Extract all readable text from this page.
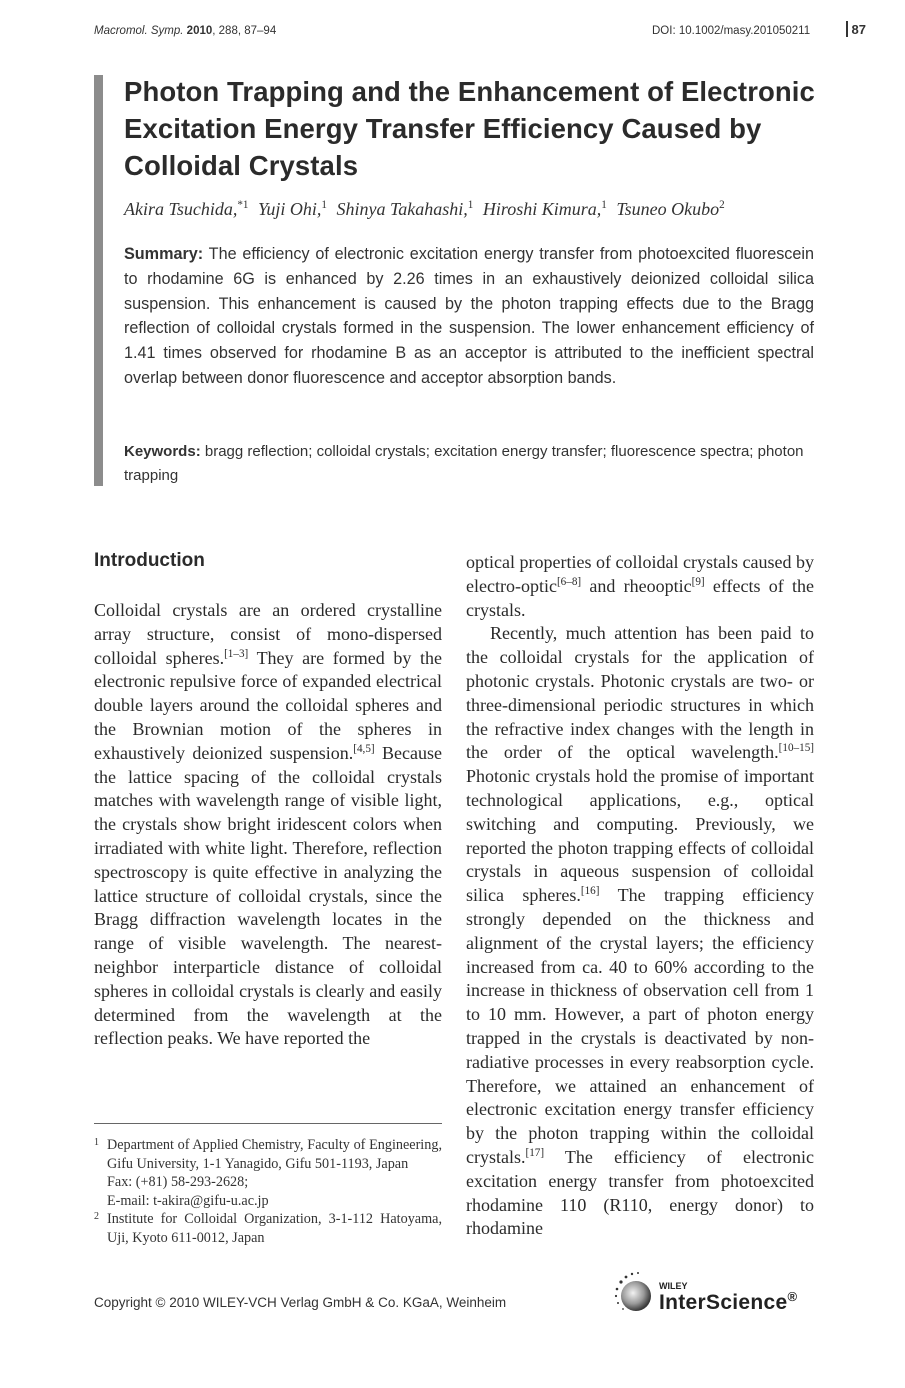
Macromol. Symp. 2010, 288, 87–94	DOI: 10.1002/masy.201050211	87
Photon Trapping and the Enhancement of Electronic Excitation Energy Transfer Efficiency Caused by Colloidal Crystals
Akira Tsuchida,$^{*1}$ Yuji Ohi,$^1$ Shinya Takahashi,$^1$ Hiroshi Kimura,$^1$ Tsuneo Okubo$^2$
Summary: The efficiency of electronic excitation energy transfer from photoexcited fluorescein to rhodamine 6G is enhanced by 2.26 times in an exhaustively deionized colloidal silica suspension. This enhancement is caused by the photon trapping effects due to the Bragg reflection of colloidal crystals formed in the suspension. The lower enhancement efficiency of 1.41 times observed for rhodamine B as an acceptor is attributed to the inefficient spectral overlap between donor fluorescence and acceptor absorption bands.
Keywords: bragg reflection; colloidal crystals; excitation energy transfer; fluorescence spectra; photon trapping
Introduction

Colloidal crystals are an ordered crystalline array structure, consist of mono-dispersed colloidal spheres.[1–3] They are formed by the electronic repulsive force of expanded electrical double layers around the colloidal spheres and the Brownian motion of the spheres in exhaustively deionized suspension.[4,5] Because the lattice spacing of the colloidal crystals matches with wavelength range of visible light, the crystals show bright iridescent colors when irradiated with white light. Therefore, reflection spectroscopy is quite effective in analyzing the lattice structure of colloidal crystals, since the Bragg diffraction wavelength locates in the range of visible wavelength. The nearest-neighbor interparticle distance of colloidal spheres in colloidal crystals is clearly and easily determined from the wavelength at the reflection peaks. We have reported the

optical properties of colloidal crystals caused by electro-optic[6–8] and rheooptic[9] effects of the crystals.

Recently, much attention has been paid to the colloidal crystals for the application of photonic crystals. Photonic crystals are two- or three-dimensional periodic structures in which the refractive index changes with the length in the order of the optical wavelength.[10–15] Photonic crystals hold the promise of important technological applications, e.g., optical switching and computing. Previously, we reported the photon trapping effects of colloidal crystals in aqueous suspension of colloidal silica spheres.[16] The trapping efficiency strongly depended on the thickness and alignment of the crystal layers; the efficiency increased from ca. 40 to 60% according to the increase in thickness of observation cell from 1 to 10 mm. However, a part of photon energy trapped in the crystals is deactivated by non-radiative processes in every reabsorption cycle. Therefore, we attained an enhancement of electronic excitation energy transfer efficiency by the photon trapping within the colloidal crystals.[17] The efficiency of electronic excitation energy transfer from photoexcited rhodamine 110 (R110, energy donor) to rhodamine

1 Department of Applied Chemistry, Faculty of Engineering, Gifu University, 1-1 Yanagido, Gifu 501-1193, Japan
Fax: (+81) 58-293-2628;
E-mail: t-akira@gifu-u.ac.jp
2 Institute for Colloidal Organization, 3-1-112 Hatoyama, Uji, Kyoto 611-0012, Japan
Copyright © 2010 WILEY-VCH Verlag GmbH & Co. KGaA, Weinheim
WILEY
InterScience®
